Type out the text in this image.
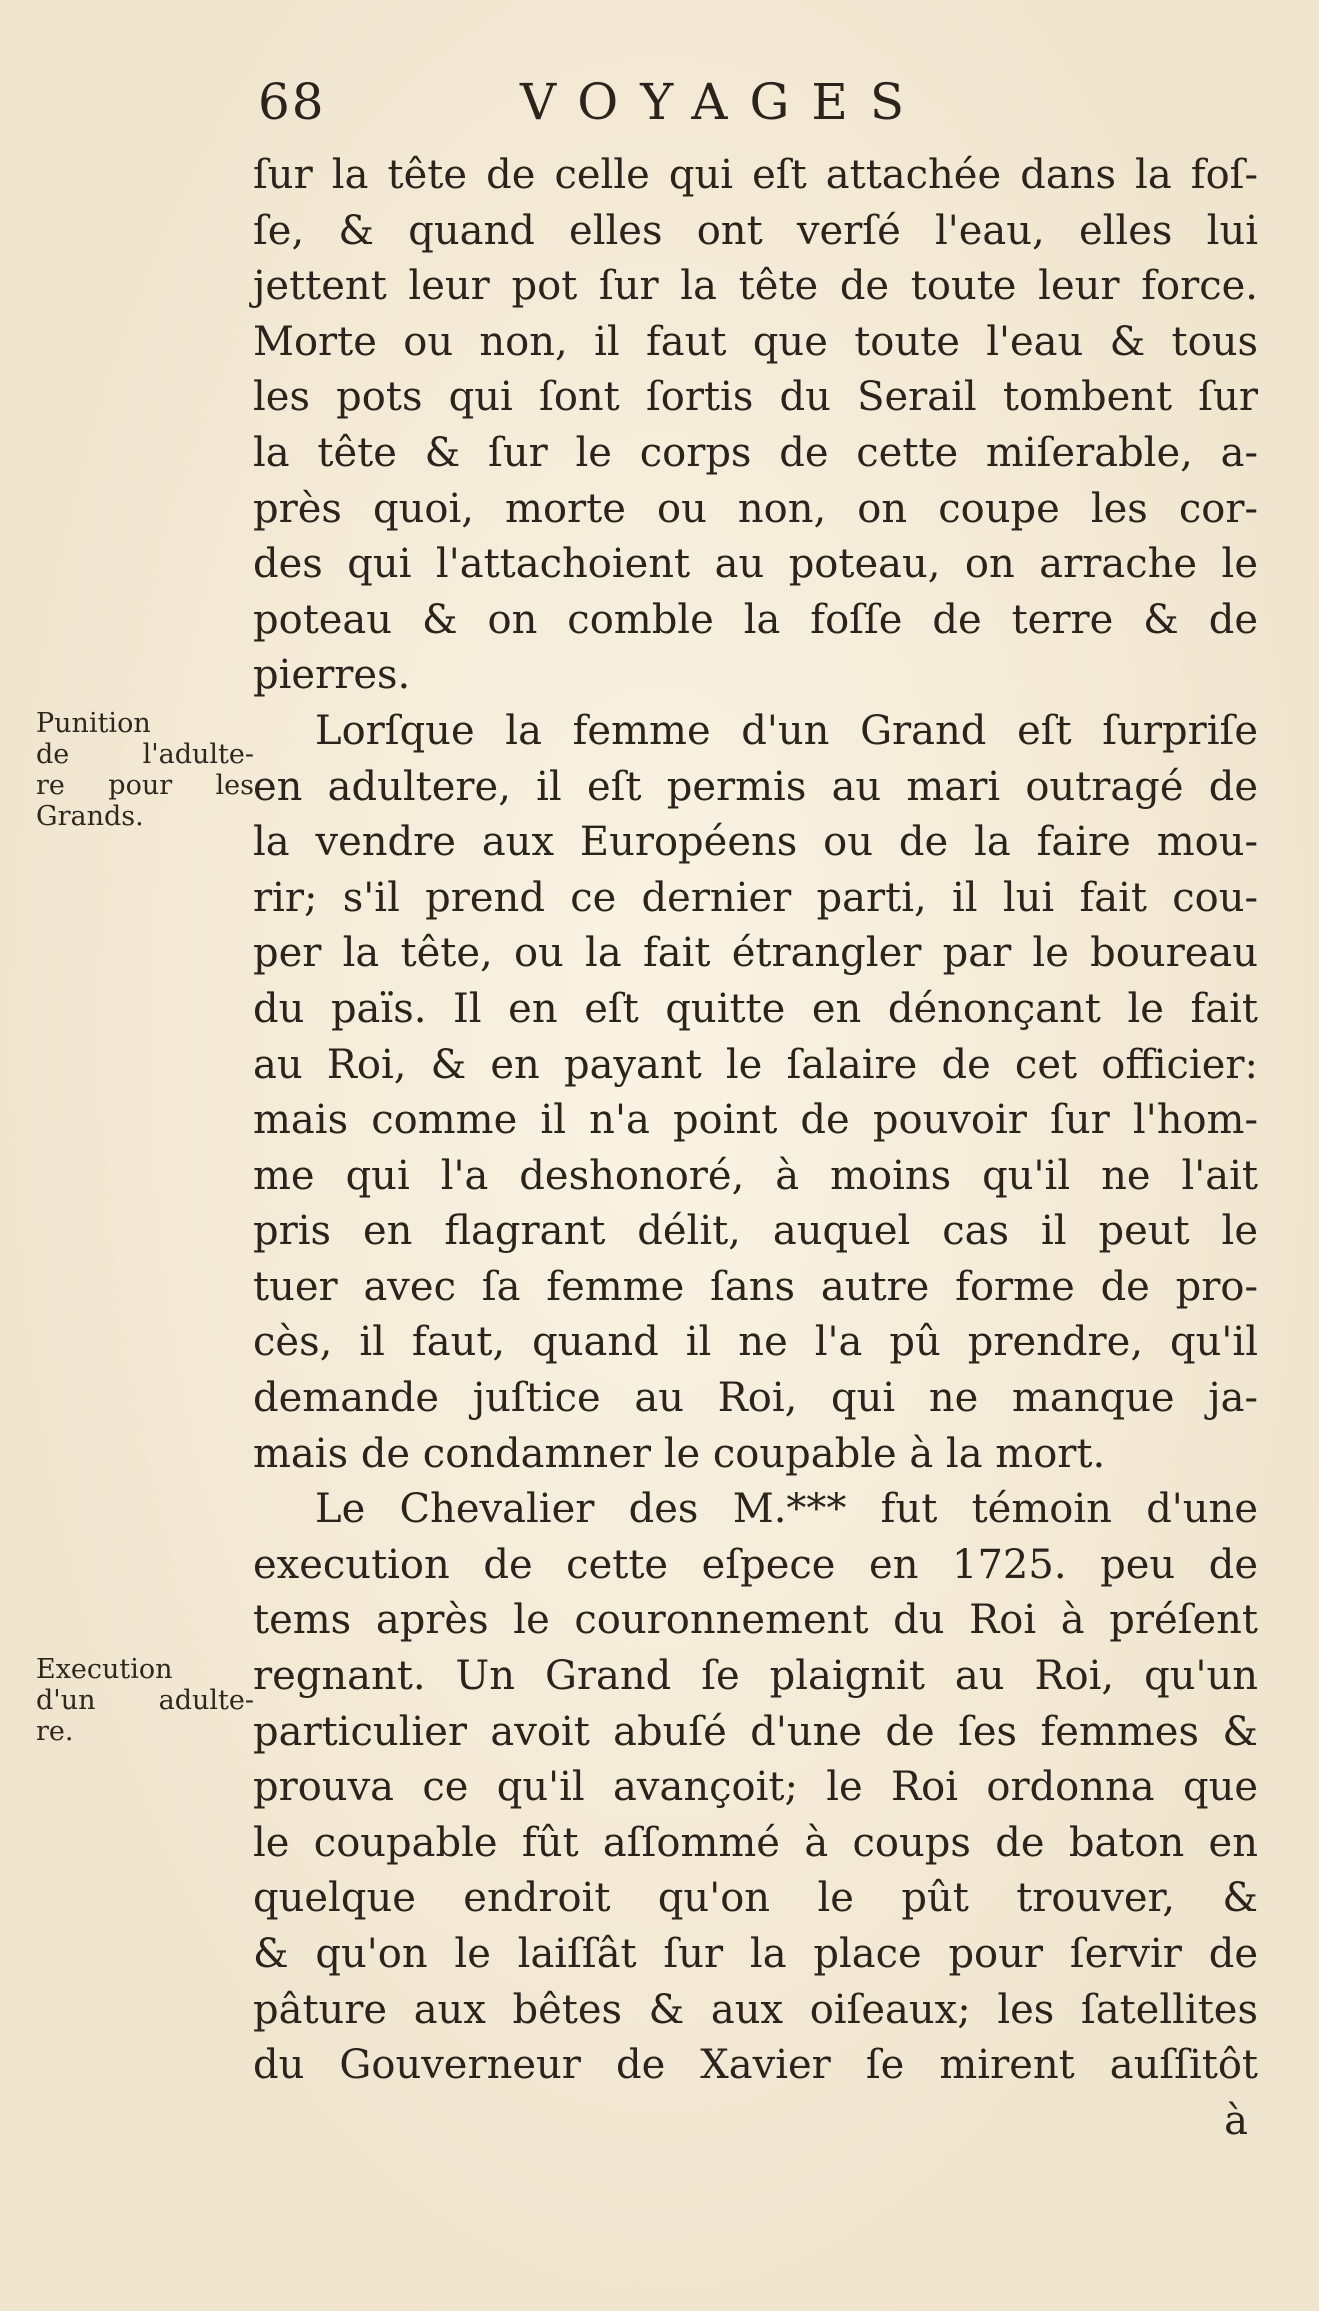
68	VOYAGES
Punition
de l'adulte-
re pour les
Grands.
Execution
d'un adulte-
re.
ſur la tête de celle qui eſt attachée dans la foſ-
ſe, & quand elles ont verſé l'eau, elles lui
jettent leur pot ſur la tête de toute leur force.
Morte ou non, il faut que toute l'eau & tous
les pots qui ſont ſortis du Serail tombent ſur
la tête & ſur le corps de cette miſerable, a-
près quoi, morte ou non, on coupe les cor-
des qui l'attachoient au poteau, on arrache le
poteau & on comble la foſſe de terre & de
pierres.
Lorſque la femme d'un Grand eſt ſurpriſe
en adultere, il eſt permis au mari outragé de
la vendre aux Européens ou de la faire mou-
rir; s'il prend ce dernier parti, il lui fait cou-
per la tête, ou la fait étrangler par le boureau
du païs. Il en eſt quitte en dénonçant le fait
au Roi, & en payant le ſalaire de cet officier:
mais comme il n'a point de pouvoir ſur l'hom-
me qui l'a deshonoré, à moins qu'il ne l'ait
pris en flagrant délit, auquel cas il peut le
tuer avec ſa femme ſans autre forme de pro-
cès, il faut, quand il ne l'a pû prendre, qu'il
demande juſtice au Roi, qui ne manque ja-
mais de condamner le coupable à la mort.
Le Chevalier des M.*** fut témoin d'une
execution de cette eſpece en 1725. peu de
tems après le couronnement du Roi à préſent
regnant. Un Grand ſe plaignit au Roi, qu'un
particulier avoit abuſé d'une de ſes femmes &
prouva ce qu'il avançoit; le Roi ordonna que
le coupable fût aſſommé à coups de baton en
quelque endroit qu'on le pût trouver, &
& qu'on le laiſſât ſur la place pour ſervir de
pâture aux bêtes & aux oiſeaux; les ſatellites
du Gouverneur de Xavier ſe mirent auſſitôt
à
